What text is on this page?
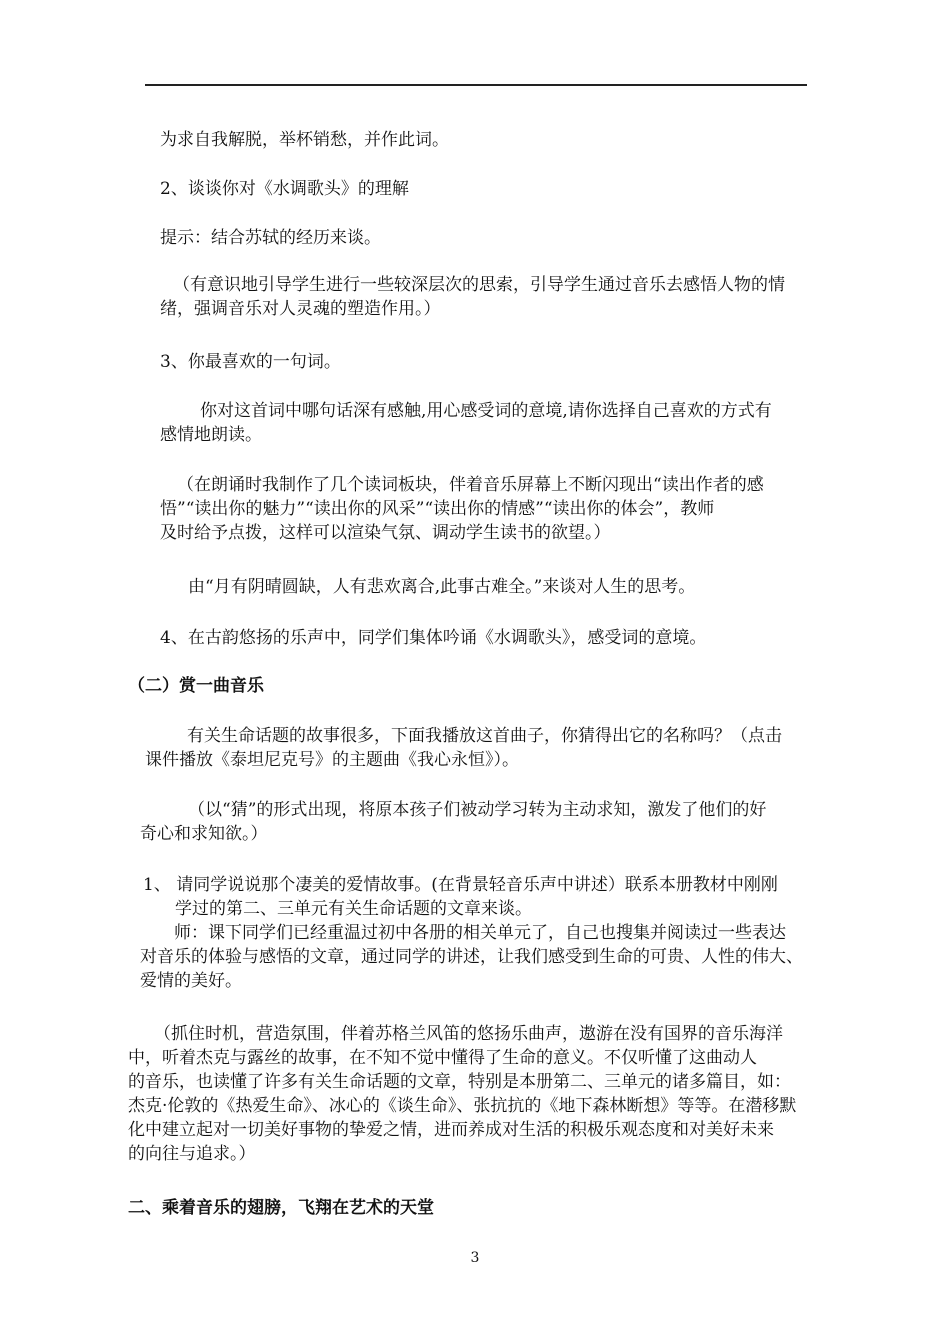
为求自我解脱，举杯销愁，并作此词。

2、谈谈你对《水调歌头》的理解

提示：结合苏轼的经历来谈。

（有意识地引导学生进行一些较深层次的思索，引导学生通过音乐去感悟人物的情
绪，强调音乐对人灵魂的塑造作用。）

3、你最喜欢的一句词。

你对这首词中哪句话深有感触,用心感受词的意境,请你选择自己喜欢的方式有
感情地朗读。
（在朗诵时我制作了几个读词板块，伴着音乐屏幕上不断闪现出“读出作者的感
悟”“读出你的魅力”“读出你的风采”“读出你的情感”“读出你的体会”，教师
及时给予点拨，这样可以渲染气氛、调动学生读书的欲望。）

由“月有阴晴圆缺，人有悲欢离合,此事古难全。”来谈对人生的思考。

4、在古韵悠扬的乐声中，同学们集体吟诵《水调歌头》，感受词的意境。

（二）赏一曲音乐

有关生命话题的故事很多，下面我播放这首曲子，你猜得出它的名称吗？（点击
课件播放《泰坦尼克号》的主题曲《我心永恒》）。
（以“猜”的形式出现，将原本孩子们被动学习转为主动求知，激发了他们的好
奇心和求知欲。）
1、 请同学说说那个凄美的爱情故事。(在背景轻音乐声中讲述）联系本册教材中刚刚
学过的第二、三单元有关生命话题的文章来谈。
师：课下同学们已经重温过初中各册的相关单元了，自己也搜集并阅读过一些表达
对音乐的体验与感悟的文章，通过同学的讲述，让我们感受到生命的可贵、人性的伟大、
爱情的美好。
（抓住时机，营造氛围，伴着苏格兰风笛的悠扬乐曲声，遨游在没有国界的音乐海洋
中，听着杰克与露丝的故事，在不知不觉中懂得了生命的意义。不仅听懂了这曲动人
的音乐，也读懂了许多有关生命话题的文章，特别是本册第二、三单元的诸多篇目，如：
杰克·伦敦的《热爱生命》、冰心的《谈生命》、张抗抗的《地下森林断想》等等。在潜移默
化中建立起对一切美好事物的挚爱之情，进而养成对生活的积极乐观态度和对美好未来
的向往与追求。）

二、乘着音乐的翅膀，飞翔在艺术的天堂

3
